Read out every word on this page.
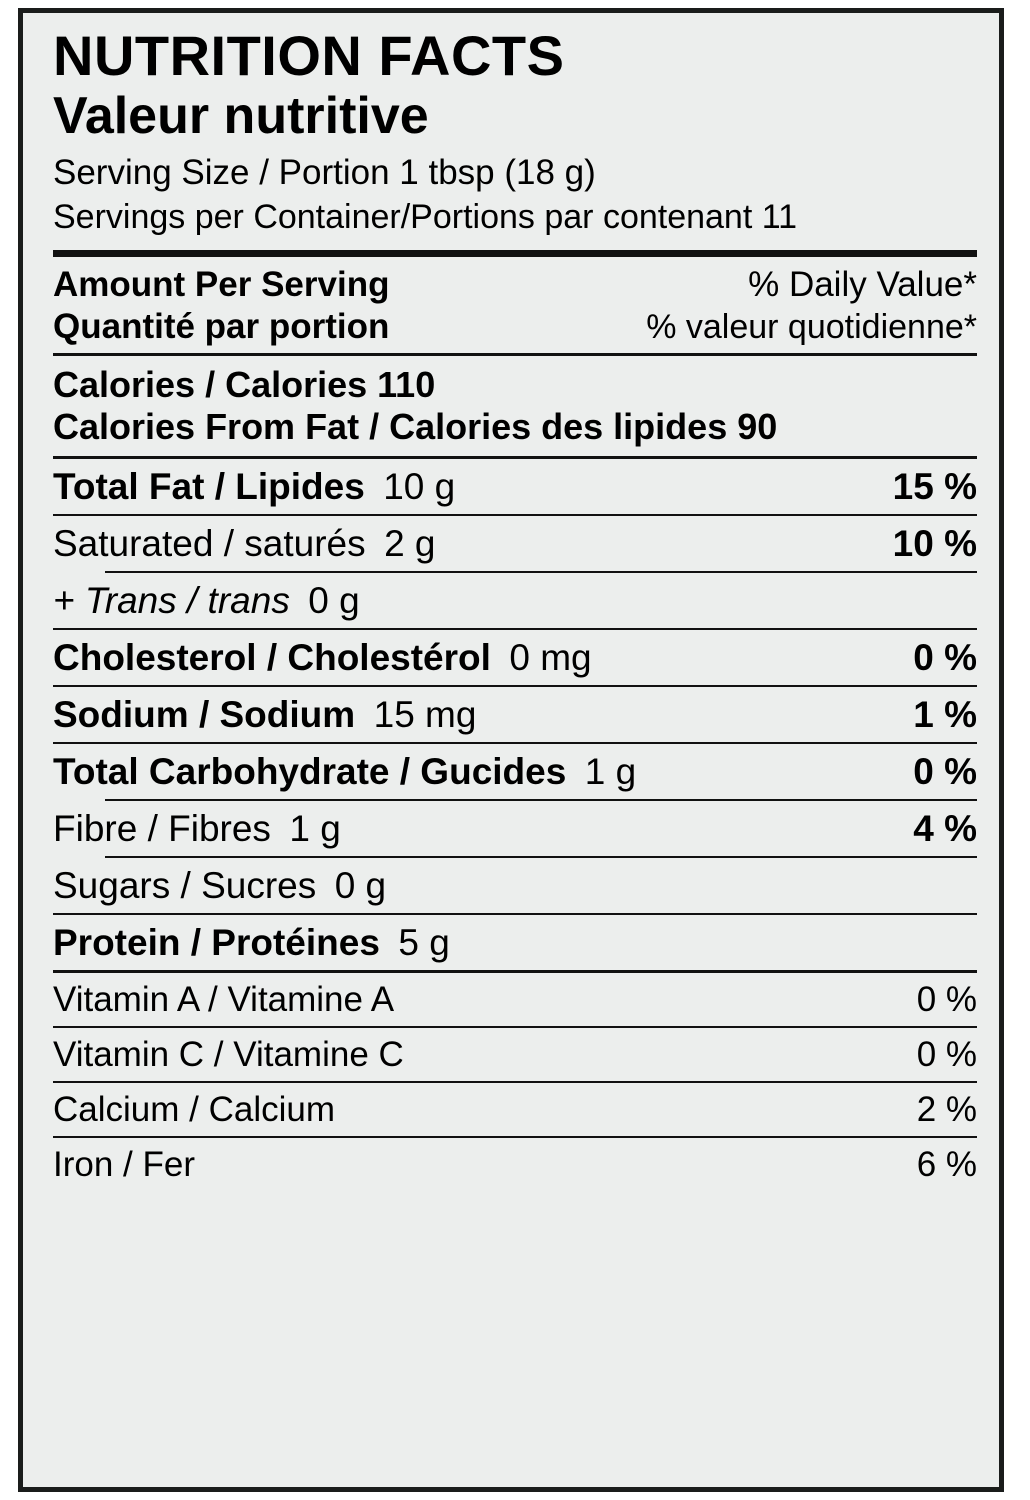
NUTRITION FACTS
Valeur nutritive
Serving Size / Portion 1 tbsp (18 g)
Servings per Container/Portions par contenant 11
Amount Per Serving	% Daily Value*
Quantité par portion	% valeur quotidienne*
Calories / Calories 110
Calories From Fat / Calories des lipides 90
Total Fat / Lipides 10 g	15 %
Saturated / saturés 2 g	10 %
+ Trans / trans 0 g
Cholesterol / Cholestérol 0 mg	0 %
Sodium / Sodium 15 mg	1 %
Total Carbohydrate / Gucides 1 g	0 %
Fibre / Fibres 1 g	4 %
Sugars / Sucres 0 g
Protein / Protéines 5 g
Vitamin A / Vitamine A	0 %
Vitamin C / Vitamine C	0 %
Calcium / Calcium	2 %
Iron / Fer	6 %
